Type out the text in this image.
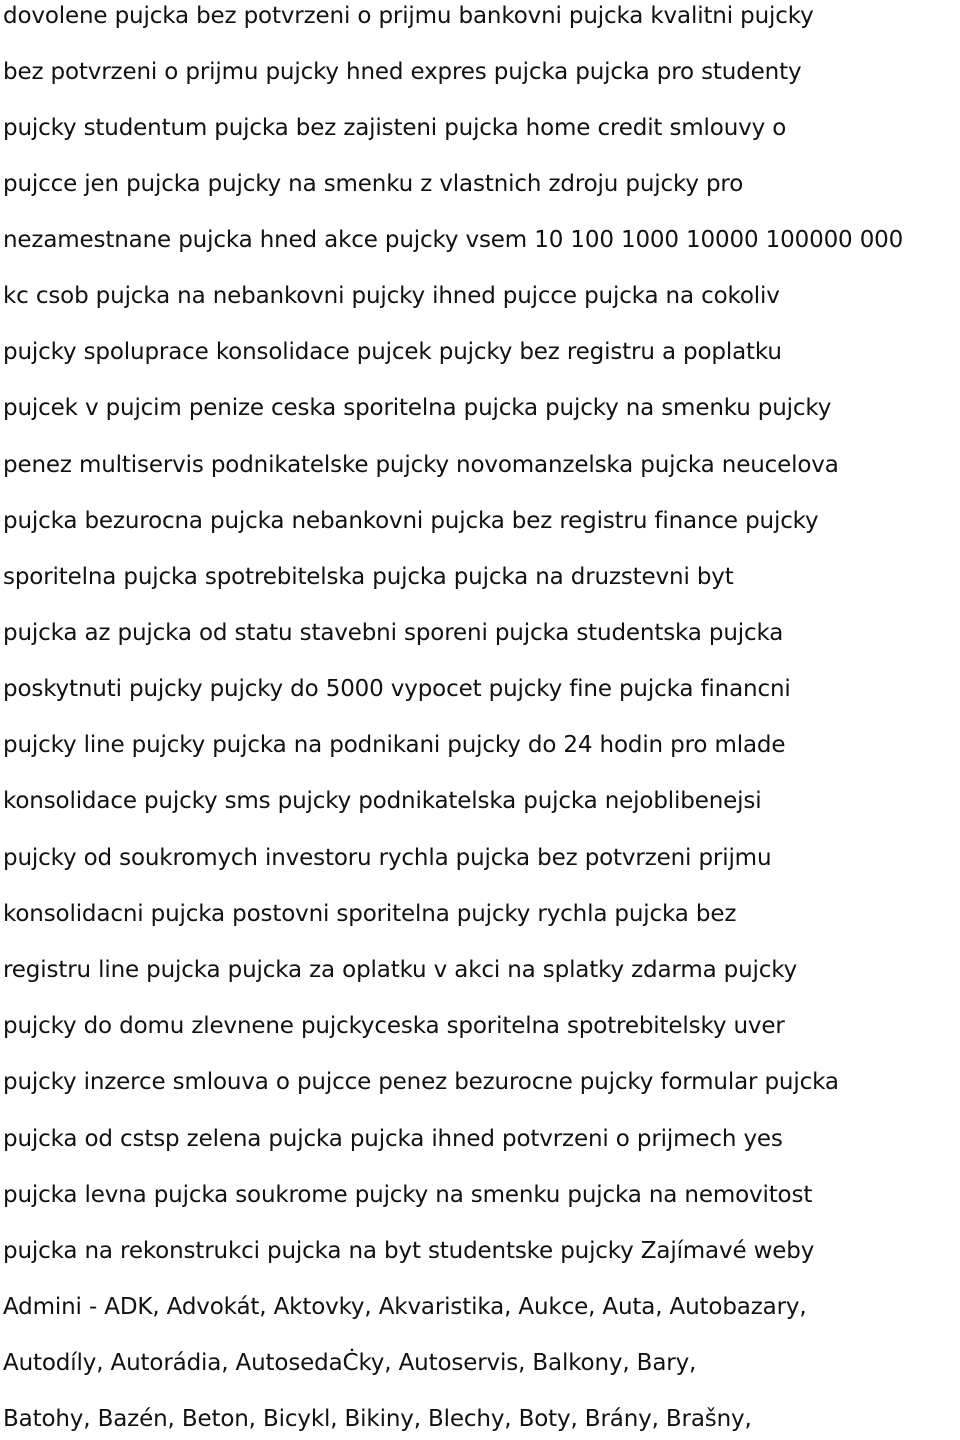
dovolene pujcka bez potvrzeni o prijmu bankovni pujcka kvalitni pujcky
bez potvrzeni o prijmu pujcky hned expres pujcka pujcka pro studenty
pujcky studentum pujcka bez zajisteni pujcka home credit smlouvy o
pujcce jen pujcka pujcky na smenku z vlastnich zdroju pujcky pro
nezamestnane pujcka hned akce pujcky vsem 10 100 1000 10000 100000 000
kc csob pujcka na nebankovni pujcky ihned pujcce pujcka na cokoliv
pujcky spoluprace konsolidace pujcek pujcky bez registru a poplatku
pujcek v pujcim penize ceska sporitelna pujcka pujcky na smenku pujcky
penez multiservis podnikatelske pujcky novomanzelska pujcka neucelova
pujcka bezurocna pujcka nebankovni pujcka bez registru finance pujcky
sporitelna pujcka spotrebitelska pujcka pujcka na druzstevni byt
pujcka az pujcka od statu stavebni sporeni pujcka studentska pujcka
poskytnuti pujcky pujcky do 5000 vypocet pujcky fine pujcka financni
pujcky line pujcky pujcka na podnikani pujcky do 24 hodin pro mlade
konsolidace pujcky sms pujcky podnikatelska pujcka nejoblibenejsi
pujcky od soukromych investoru rychla pujcka bez potvrzeni prijmu
konsolidacni pujcka postovni sporitelna pujcky rychla pujcka bez
registru line pujcka pujcka za oplatku v akci na splatky zdarma pujcky
pujcky do domu zlevnene pujckyceska sporitelna spotrebitelsky uver
pujcky inzerce smlouva o pujcce penez bezurocne pujcky formular pujcka
pujcka od cstsp zelena pujcka pujcka ihned potvrzeni o prijmech yes
pujcka levna pujcka soukrome pujcky na smenku pujcka na nemovitost
pujcka na rekonstrukci pujcka na byt studentske pujcky Zajímavé weby
Admini - ADK, Advokát, Aktovky, Akvaristika, Aukce, Auta, Autobazary,
Autodíly, Autorádia, AutosedaĊky, Autoservis, Balkony, Bary,
Batohy, Bazén, Beton, Bicykl, Bikiny, Blechy, Boty, Brány, Brašny,
